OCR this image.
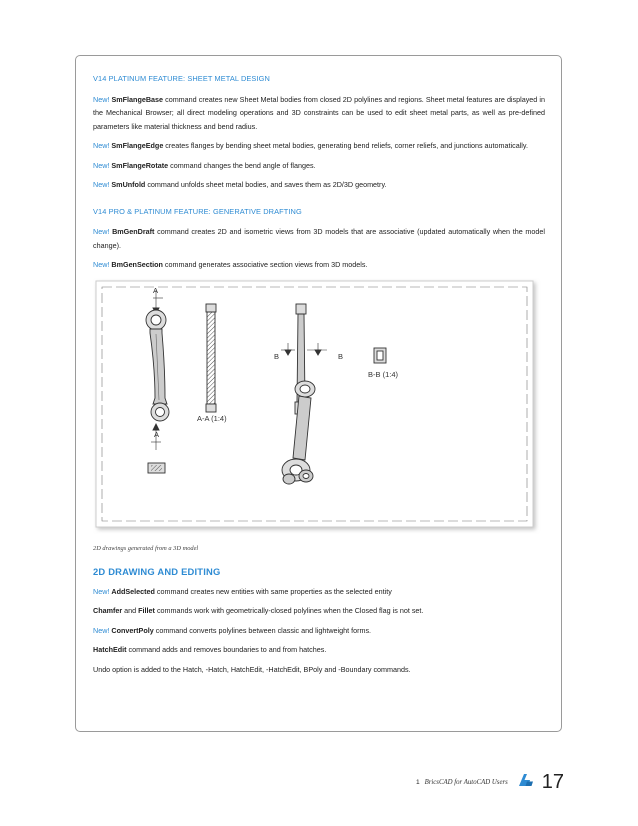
V14 PLATINUM FEATURE: SHEET METAL DESIGN

New! SmFlangeBase command creates new Sheet Metal bodies from closed 2D polylines and regions. Sheet metal features are displayed in the Mechanical Browser; all direct modeling operations and 3D constraints can be used to edit sheet metal parts, as well as pre-defined parameters like material thickness and bend radius.

New! SmFlangeEdge creates flanges by bending sheet metal bodies, generating bend reliefs, corner reliefs, and junctions automatically.

New! SmFlangeRotate command changes the bend angle of flanges.

New! SmUnfold command unfolds sheet metal bodies, and saves them as 2D/3D geometry.

V14 PRO & PLATINUM FEATURE: GENERATIVE DRAFTING

New! BmGenDraft command creates 2D and isometric views from 3D models that are associative (updated automatically when the model change).

New! BmGenSection command generates associative section views from 3D models.

A
A
B	B
A-A (1:4)
B-B (1:4)
2D drawings generated from a 3D model
2D DRAWING AND EDITING

New! AddSelected command creates new entities with same properties as the selected entity

Chamfer and Fillet commands work with geometrically-closed polylines when the Closed flag is not set.

New! ConvertPoly command converts polylines between classic and lightweight forms.

HatchEdit command adds and removes boundaries to and from hatches.

Undo option is added to the Hatch, -Hatch, HatchEdit, -HatchEdit, BPoly and -Boundary commands.

1 BricsCAD for AutoCAD Users 17
